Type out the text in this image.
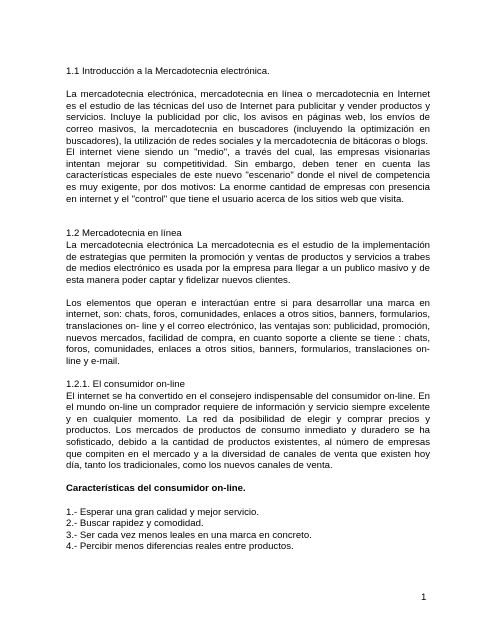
1.1 Introducción a la Mercadotecnia electrónica.

La mercadotecnia electrónica, mercadotecnia en línea o mercadotecnia en Internet es el estudio de las técnicas del uso de Internet para publicitar y vender productos y servicios. Incluye la publicidad por clic, los avisos en páginas web, los envíos de correo masivos, la mercadotecnia en buscadores (incluyendo la optimización en buscadores), la utilización de redes sociales y la mercadotecnia de bitácoras o blogs.

El internet viene siendo un "medio", a través del cual, las empresas visionarias intentan mejorar su competitividad. Sin embargo, deben tener en cuenta las características especiales de este nuevo "escenario" donde el nivel de competencia es muy exigente, por dos motivos: La enorme cantidad de empresas con presencia en internet y el "control" que tiene el usuario acerca de los sitios web que visita.

1.2 Mercadotecnia en línea

La mercadotecnia electrónica La mercadotecnia es el estudio de la implementación de estrategias que permiten la promoción y ventas de productos y servicios a trabes de medios electrónico es usada por la empresa para llegar a un publico masivo y de esta manera poder captar y fidelizar nuevos clientes.

Los elementos que operan e interactúan entre si para desarrollar una marca en internet, son: chats, foros, comunidades, enlaces a otros sitios, banners, formularios, translaciones on- line y el correo electrónico, las ventajas son: publicidad, promoción, nuevos mercados, facilidad de compra, en cuanto soporte a cliente se tiene : chats, foros, comunidades, enlaces a otros sitios, banners, formularios, translaciones on- line y e-mail.

1.2.1. El consumidor on-line

El internet se ha convertido en el consejero indispensable del consumidor on-line. En el mundo on-line un comprador requiere de información y servicio siempre excelente y en cualquier momento. La red da posibilidad de elegir y comprar precios y productos. Los mercados de productos de consumo inmediato y duradero se ha sofisticado, debido a la cantidad de productos existentes, al número de empresas que compiten en el mercado y a la diversidad de canales de venta que existen hoy día, tanto los tradicionales, como los nuevos canales de venta.

Características del consumidor on-line.

1.- Esperar una gran calidad y mejor servicio.

2.- Buscar rapidez y comodidad.

3.- Ser cada vez menos leales en una marca en concreto.

4.- Percibir menos diferencias reales entre productos.

1
